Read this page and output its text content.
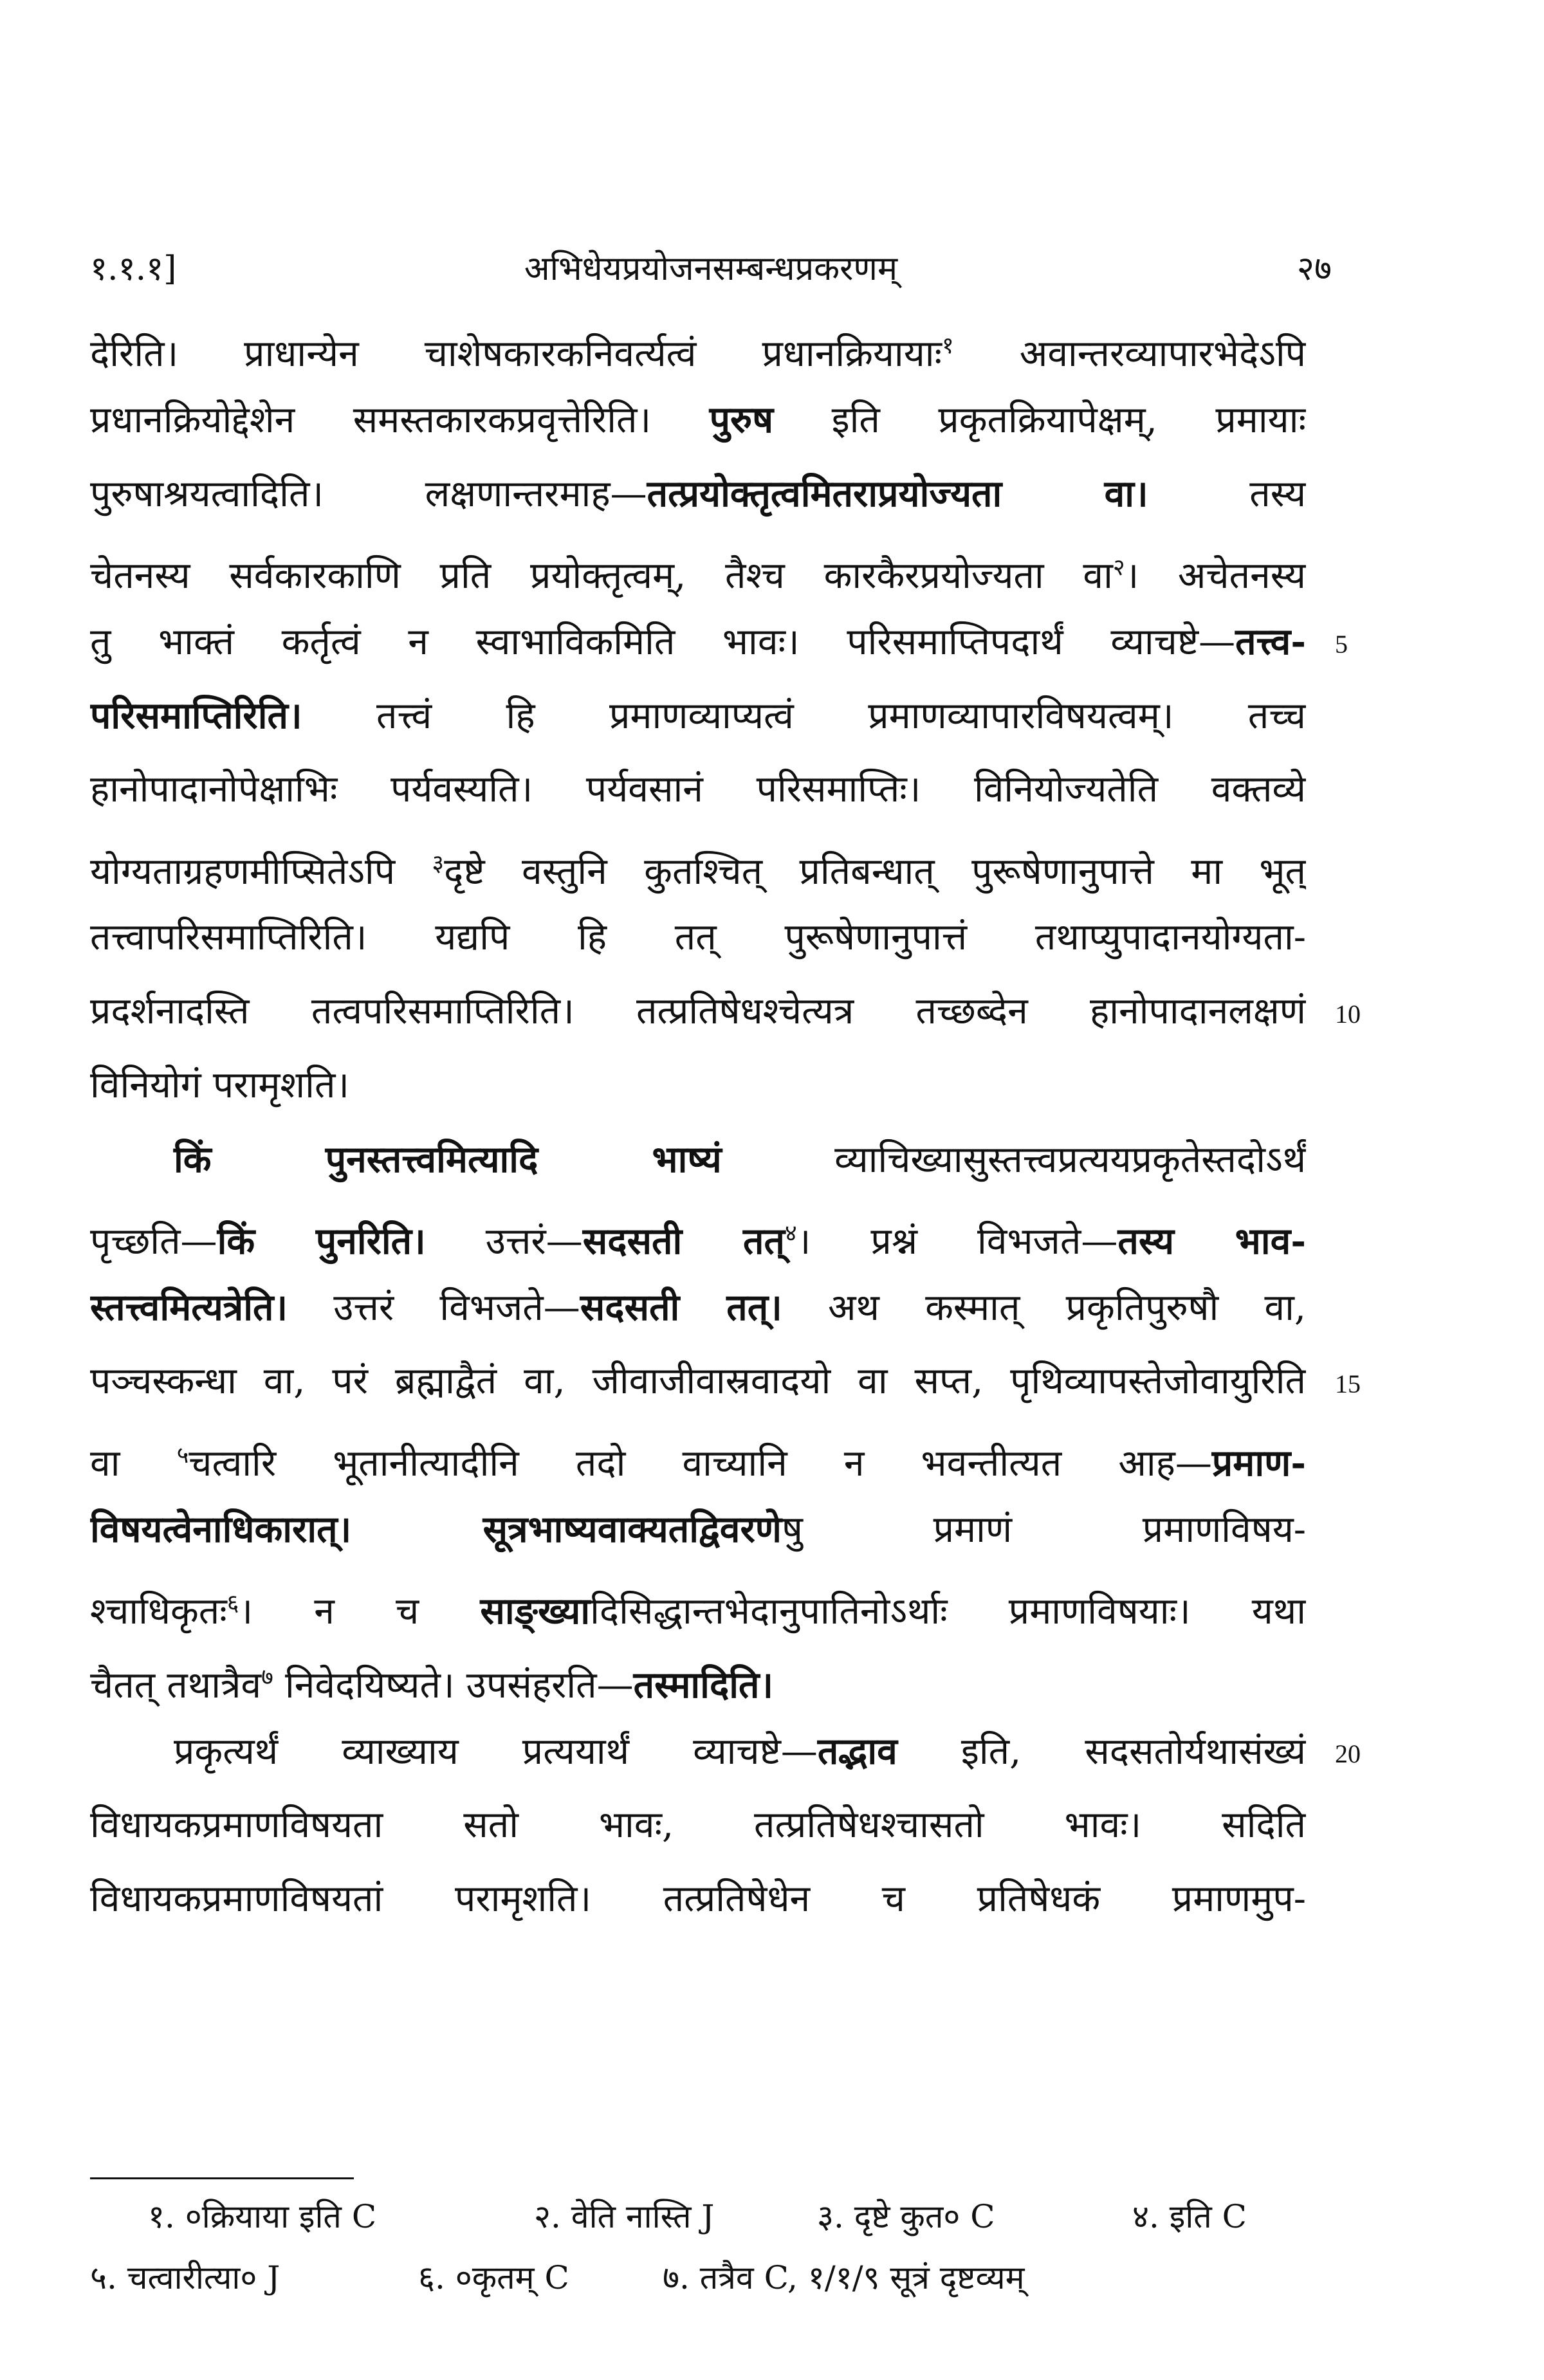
१.१.१]	अभिधेयप्रयोजनसम्बन्धप्रकरणम्	२७
देरिति। प्राधान्येन चाशेषकारकनिवर्त्यत्वं प्रधानक्रियायाः$^१$ अवान्तरव्यापारभेदेऽपि
प्रधानक्रियोद्देशेन समस्तकारकप्रवृत्तेरिति। पुरुष इति प्रकृतक्रियापेक्षम्, प्रमायाः
पुरुषाश्रयत्वादिति। लक्षणान्तरमाह—तत्प्रयोक्तृत्वमितराप्रयोज्यता वा। तस्य
चेतनस्य सर्वकारकाणि प्रति प्रयोक्तृत्वम्, तैश्च कारकैरप्रयोज्यता वा$^२$। अचेतनस्य
तु भाक्तं कर्तृत्वं न स्वाभाविकमिति भावः। परिसमाप्तिपदार्थं व्याचष्टे—तत्त्व-
परिसमाप्तिरिति। तत्त्वं हि प्रमाणव्याप्यत्वं प्रमाणव्यापारविषयत्वम्। तच्च
हानोपादानोपेक्षाभिः पर्यवस्यति। पर्यवसानं परिसमाप्तिः। विनियोज्यतेति वक्तव्ये
योग्यताग्रहणमीप्सितेऽपि $^३$दृष्टे वस्तुनि कुतश्चित् प्रतिबन्धात् पुरूषेणानुपात्ते मा भूत्
तत्त्वापरिसमाप्तिरिति। यद्यपि हि तत् पुरूषेणानुपात्तं तथाप्युपादानयोग्यता-
प्रदर्शनादस्ति तत्वपरिसमाप्तिरिति। तत्प्रतिषेधश्चेत्यत्र तच्छब्देन हानोपादानलक्षणं
विनियोगं परामृशति।
किं पुनस्तत्त्वमित्यादि भाष्यं व्याचिख्यासुस्तत्त्वप्रत्ययप्रकृतेस्तदोऽर्थं
पृच्छति—किं पुनरिति। उत्तरं—सदसती तत्$^४$। प्रश्नं विभजते—तस्य भाव-
स्तत्त्वमित्यत्रेति। उत्तरं विभजते—सदसती तत्। अथ कस्मात् प्रकृतिपुरुषौ वा,
पञ्चस्कन्धा वा, परं ब्रह्माद्वैतं वा, जीवाजीवास्रवादयो वा सप्त, पृथिव्यापस्तेजोवायुरिति
वा $^५$चत्वारि भूतानीत्यादीनि तदो वाच्यानि न भवन्तीत्यत आह—प्रमाण-
विषयत्वेनाधिकारात्। सूत्रभाष्यवाक्यतद्विवरणेषु प्रमाणं प्रमाणविषय-
श्चाधिकृतः$^६$। न च साङ्ख्यादिसिद्धान्तभेदानुपातिनोऽर्थाः प्रमाणविषयाः। यथा
चैतत् तथात्रैव$^७$ निवेदयिष्यते। उपसंहरति—तस्मादिति।
प्रकृत्यर्थं व्याख्याय प्रत्ययार्थं व्याचष्टे—तद्भाव इति, सदसतोर्यथासंख्यं
विधायकप्रमाणविषयता सतो भावः, तत्प्रतिषेधश्चासतो भावः। सदिति
विधायकप्रमाणविषयतां परामृशति। तत्प्रतिषेधेन च प्रतिषेधकं प्रमाणमुप-
5
10
15
20
१. ०क्रियाया इति C	२. वेति नास्ति J	३. दृष्टे कुत० C	४. इति C
५. चत्वारीत्या० J	६. ०कृतम् C	७. तत्रैव C, १/१/९ सूत्रं दृष्टव्यम्
